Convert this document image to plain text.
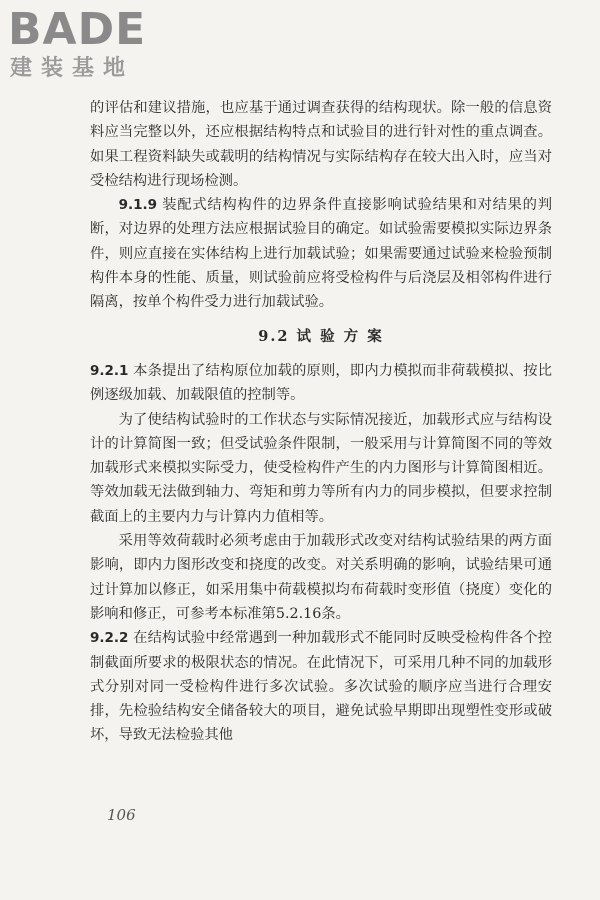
BADE
建装基地

的评估和建议措施，也应基于通过调查获得的结构现状。除一般的信息资料应当完整以外，还应根据结构特点和试验目的进行针对性的重点调查。如果工程资料缺失或载明的结构情况与实际结构存在较大出入时，应当对受检结构进行现场检测。

9.1.9 装配式结构构件的边界条件直接影响试验结果和对结果的判断，对边界的处理方法应根据试验目的确定。如试验需要模拟实际边界条件，则应直接在实体结构上进行加载试验；如果需要通过试验来检验预制构件本身的性能、质量，则试验前应将受检构件与后浇层及相邻构件进行隔离，按单个构件受力进行加载试验。

9.2 试 验 方 案

9.2.1 本条提出了结构原位加载的原则，即内力模拟而非荷载模拟、按比例逐级加载、加载限值的控制等。

为了使结构试验时的工作状态与实际情况接近，加载形式应与结构设计的计算简图一致；但受试验条件限制，一般采用与计算简图不同的等效加载形式来模拟实际受力，使受检构件产生的内力图形与计算简图相近。等效加载无法做到轴力、弯矩和剪力等所有内力的同步模拟，但要求控制截面上的主要内力与计算内力值相等。

采用等效荷载时必须考虑由于加载形式改变对结构试验结果的两方面影响，即内力图形改变和挠度的改变。对关系明确的影响，试验结果可通过计算加以修正，如采用集中荷载模拟均布荷载时变形值（挠度）变化的影响和修正，可参考本标准第5.2.16条。

9.2.2 在结构试验中经常遇到一种加载形式不能同时反映受检构件各个控制截面所要求的极限状态的情况。在此情况下，可采用几种不同的加载形式分别对同一受检构件进行多次试验。多次试验的顺序应当进行合理安排，先检验结构安全储备较大的项目，避免试验早期即出现塑性变形或破坏，导致无法检验其他

106
